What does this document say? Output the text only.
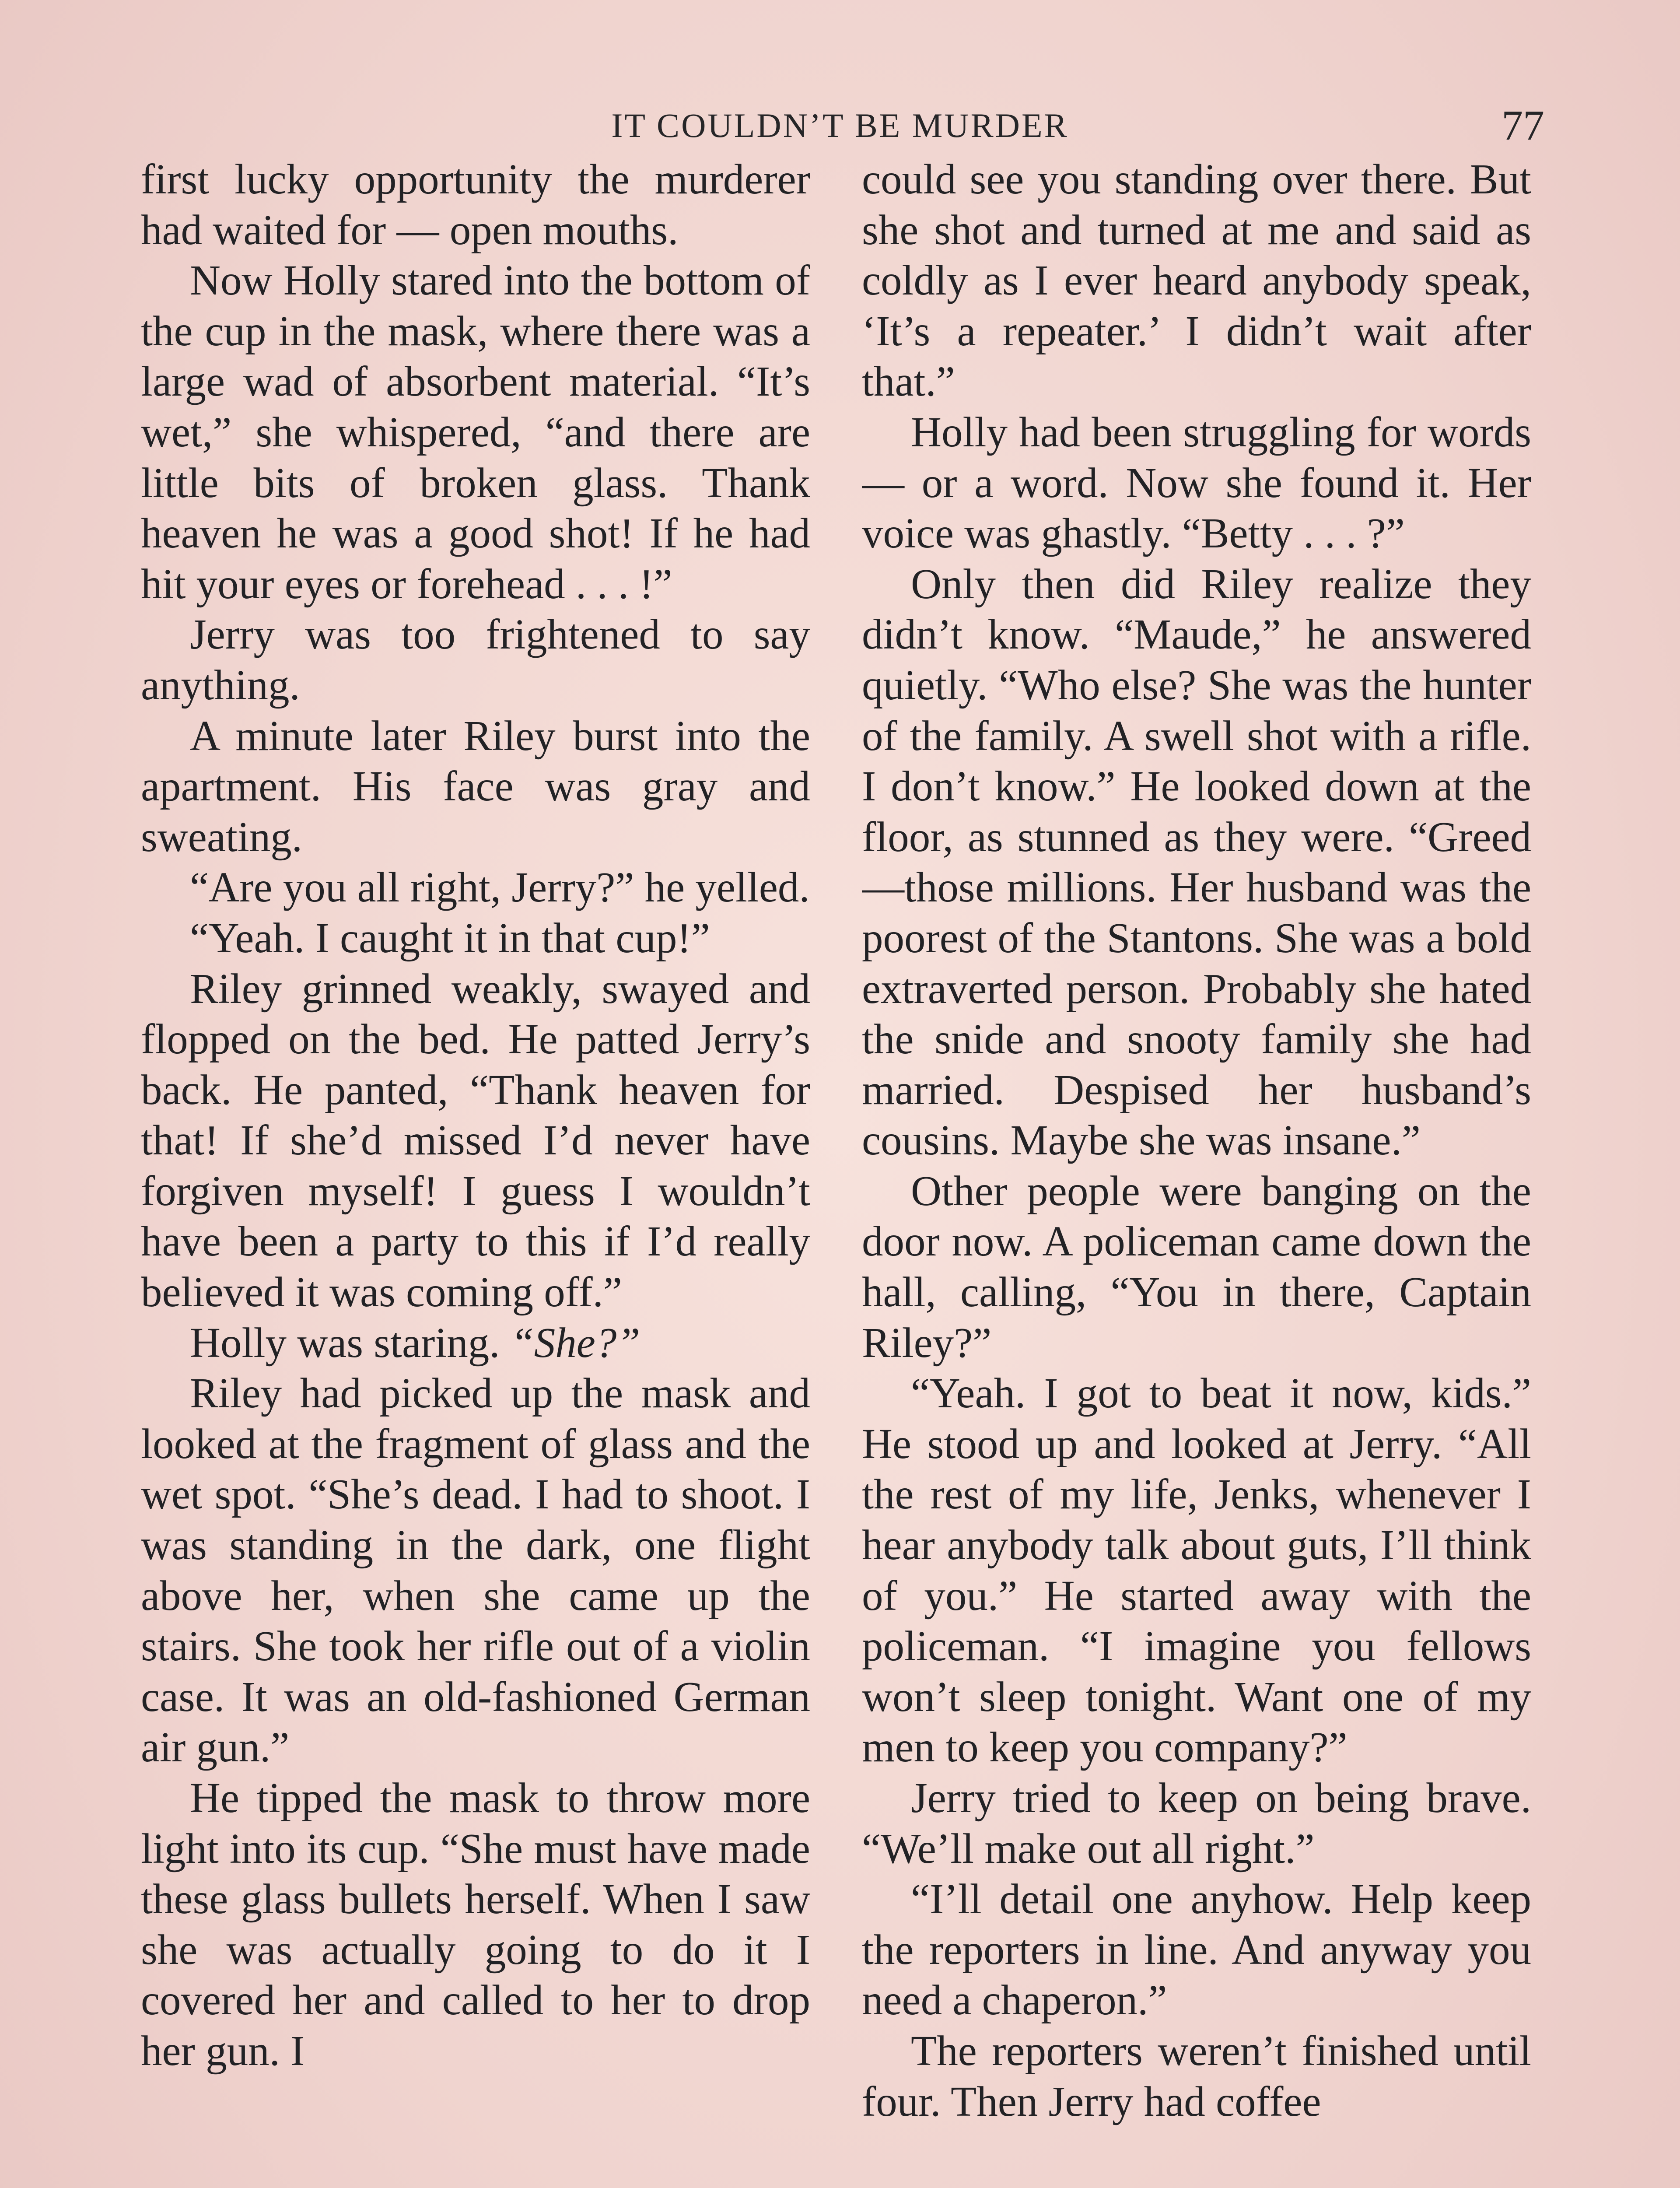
IT COULDN’T BE MURDER	77

first lucky opportunity the murderer had waited for — open mouths.

Now Holly stared into the bottom of the cup in the mask, where there was a large wad of absorbent material. “It’s wet,” she whispered, “and there are little bits of broken glass. Thank heaven he was a good shot! If he had hit your eyes or forehead . . . !”

Jerry was too frightened to say anything.

A minute later Riley burst into the apartment. His face was gray and sweating.

“Are you all right, Jerry?” he yelled.

“Yeah. I caught it in that cup!”

Riley grinned weakly, swayed and flopped on the bed. He patted Jerry’s back. He panted, “Thank heaven for that! If she’d missed I’d never have forgiven myself! I guess I wouldn’t have been a party to this if I’d really believed it was coming off.”

Holly was staring. “She?”

Riley had picked up the mask and looked at the fragment of glass and the wet spot. “She’s dead. I had to shoot. I was standing in the dark, one flight above her, when she came up the stairs. She took her rifle out of a violin case. It was an old-fashioned German air gun.”

He tipped the mask to throw more light into its cup. “She must have made these glass bullets herself. When I saw she was actually going to do it I covered her and called to her to drop her gun. I

could see you standing over there. But she shot and turned at me and said as coldly as I ever heard anybody speak, ‘It’s a repeater.’ I didn’t wait after that.”

Holly had been struggling for words — or a word. Now she found it. Her voice was ghastly. “Betty . . . ?”

Only then did Riley realize they didn’t know. “Maude,” he answered quietly. “Who else? She was the hunter of the family. A swell shot with a rifle. I don’t know.” He looked down at the floor, as stunned as they were. “Greed—those millions. Her husband was the poorest of the Stantons. She was a bold extraverted person. Probably she hated the snide and snooty family she had married. Despised her husband’s cousins. Maybe she was insane.”

Other people were banging on the door now. A policeman came down the hall, calling, “You in there, Captain Riley?”

“Yeah. I got to beat it now, kids.” He stood up and looked at Jerry. “All the rest of my life, Jenks, whenever I hear anybody talk about guts, I’ll think of you.” He started away with the policeman. “I imagine you fellows won’t sleep tonight. Want one of my men to keep you company?”

Jerry tried to keep on being brave. “We’ll make out all right.”

“I’ll detail one anyhow. Help keep the reporters in line. And anyway you need a chaperon.”

The reporters weren’t finished until four. Then Jerry had coffee
